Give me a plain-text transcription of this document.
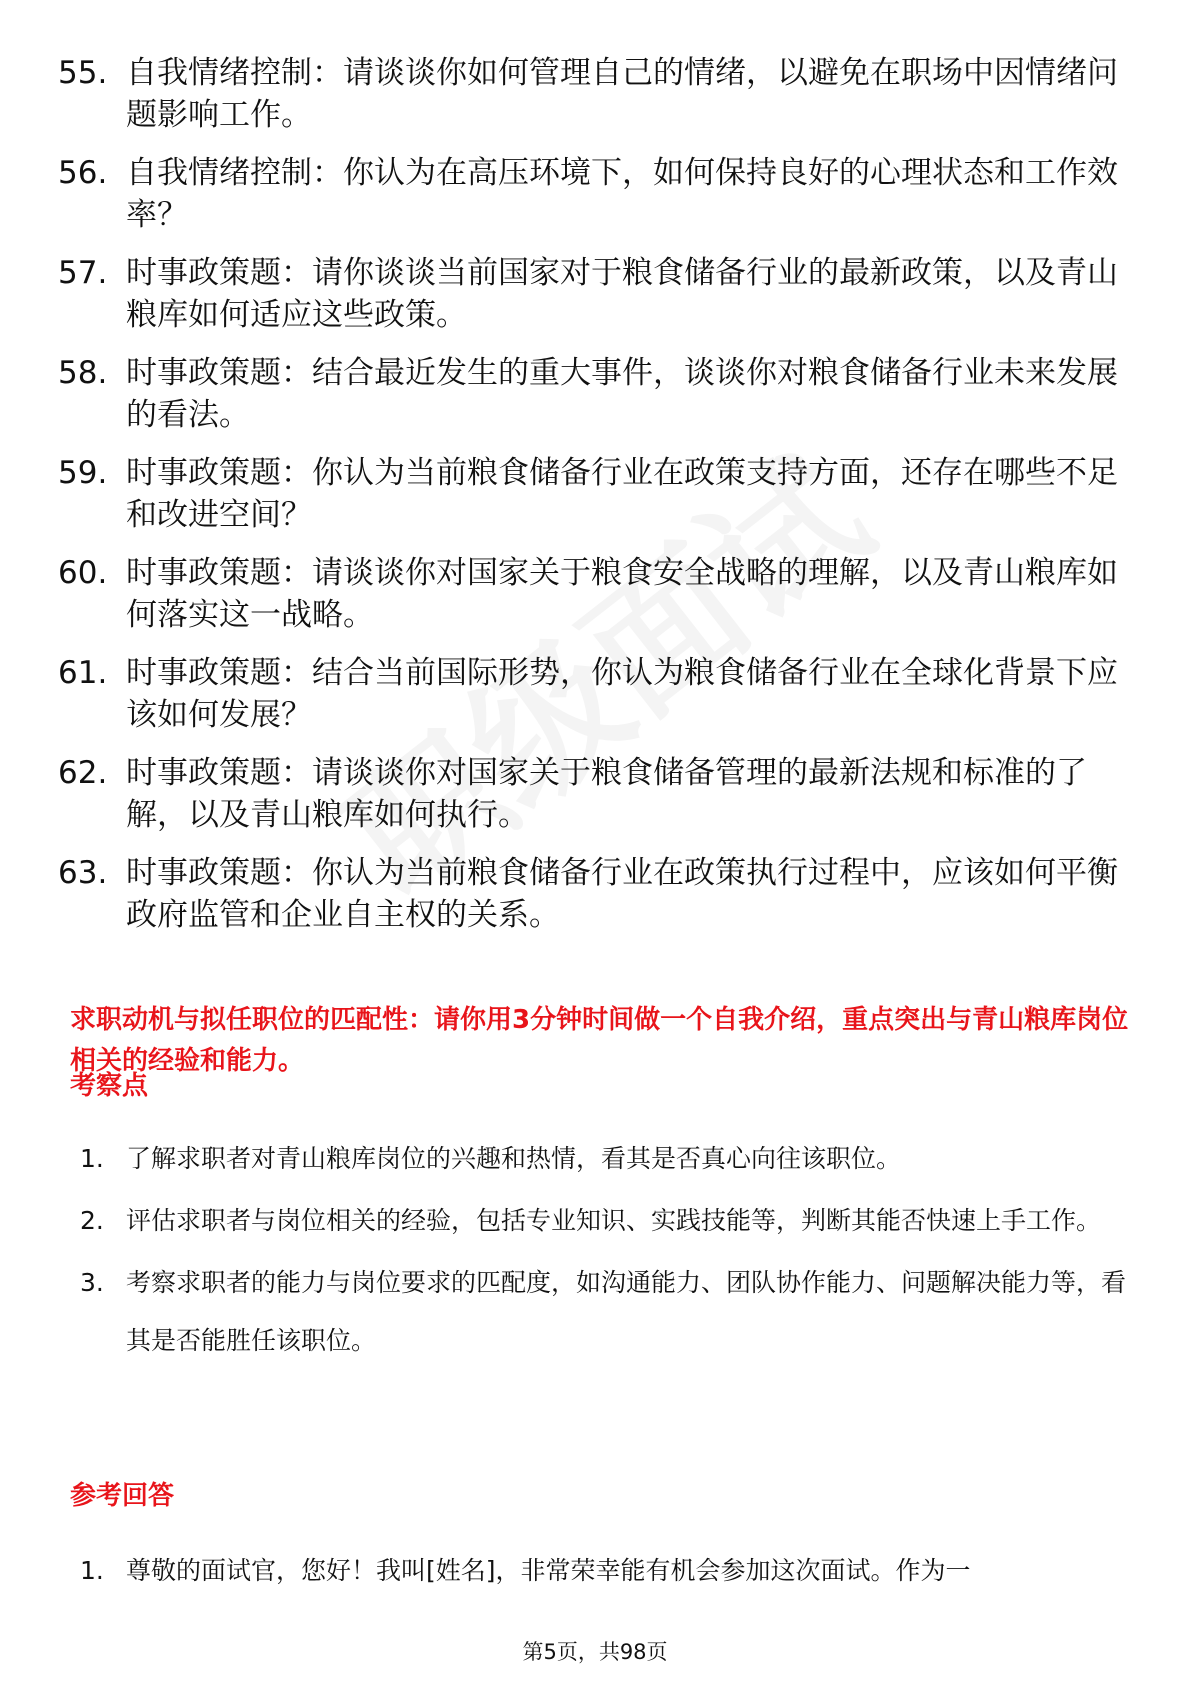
55. 自我情绪控制：请谈谈你如何管理自己的情绪，以避免在职场中因情绪问题影响工作。
56. 自我情绪控制：你认为在高压环境下，如何保持良好的心理状态和工作效率？
57. 时事政策题：请你谈谈当前国家对于粮食储备行业的最新政策，以及青山粮库如何适应这些政策。
58. 时事政策题：结合最近发生的重大事件，谈谈你对粮食储备行业未来发展的看法。
59. 时事政策题：你认为当前粮食储备行业在政策支持方面，还存在哪些不足和改进空间？
60. 时事政策题：请谈谈你对国家关于粮食安全战略的理解，以及青山粮库如何落实这一战略。
61. 时事政策题：结合当前国际形势，你认为粮食储备行业在全球化背景下应该如何发展？
62. 时事政策题：请谈谈你对国家关于粮食储备管理的最新法规和标准的了解，以及青山粮库如何执行。
63. 时事政策题：你认为当前粮食储备行业在政策执行过程中，应该如何平衡政府监管和企业自主权的关系。
求职动机与拟任职位的匹配性：请你用3分钟时间做一个自我介绍，重点突出与青山粮库岗位相关的经验和能力。
考察点
1. 了解求职者对青山粮库岗位的兴趣和热情，看其是否真心向往该职位。
2. 评估求职者与岗位相关的经验，包括专业知识、实践技能等，判断其能否快速上手工作。
3. 考察求职者的能力与岗位要求的匹配度，如沟通能力、团队协作能力、问题解决能力等，看其是否能胜任该职位。
参考回答
1. 尊敬的面试官，您好！我叫[姓名]，非常荣幸能有机会参加这次面试。作为一
第5页，共98页
